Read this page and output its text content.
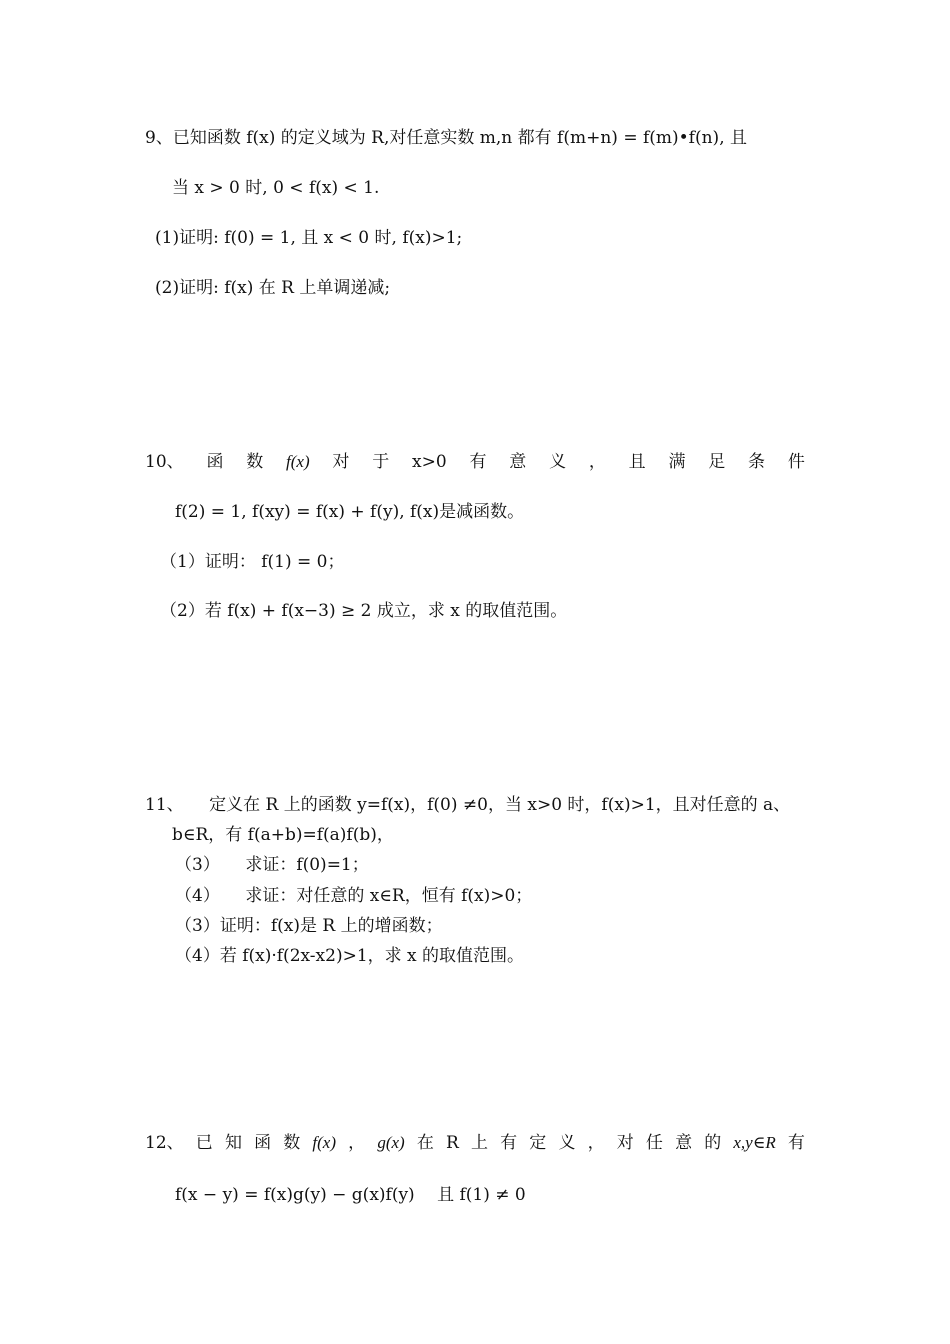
9、已知函数 f(x) 的定义域为 R,对任意实数 m,n 都有 f(m+n) = f(m)•f(n), 且
当 x > 0 时, 0 < f(x) < 1.
(1)证明: f(0) = 1, 且 x < 0 时, f(x)>1;
(2)证明: f(x) 在 R 上单调递减;
10、 函 数 f(x) 对 于 x>0 有 意 义 ， 且 满 足 条 件
f(2) = 1, f(xy) = f(x) + f(y), f(x)是减函数。
（1）证明： f(1) = 0；
（2）若 f(x) + f(x−3) ≥ 2 成立，求 x 的取值范围。
11、　　定义在 R 上的函数 y=f(x)，f(0) ≠0，当 x>0 时，f(x)>1，且对任意的 a、
b∈R，有 f(a+b)=f(a)f(b)，
（3）　　求证：f(0)=1；
（4）　　求证：对任意的 x∈R，恒有 f(x)>0；
（3）证明：f(x)是 R 上的增函数；
（4）若 f(x)·f(2x-x2)>1，求 x 的取值范围。
12、 已 知 函 数 f(x) ， g(x) 在 R 上 有 定 义 ， 对 任 意 的 x,y∈R 有
f(x − y) = f(x)g(y) − g(x)f(y)　 且 f(1) ≠ 0
